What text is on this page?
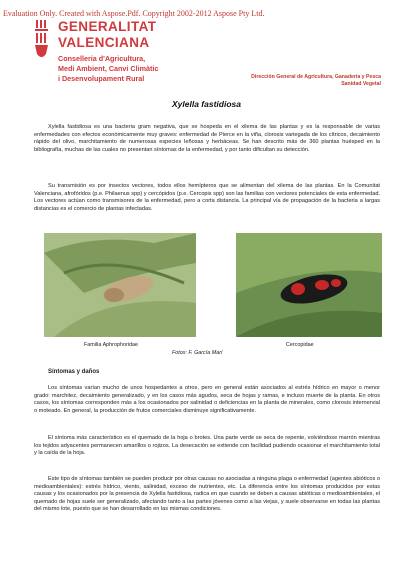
Evaluation Only. Created with Aspose.Pdf. Copyright 2002-2012 Aspose Pty Ltd.
GENERALITAT
VALENCIANA
Conselleria d'Agricultura,
Medi Ambient, Canvi Climàtic
i Desenvolupament Rural	Dirección General de Agricultura, Ganadería y Pesca
Sanidad Vegetal
Xylella fastidiosa
Xylella fastidiosa es una bacteria gram negativa, que se hospeda en el xilema de las plantas y es la responsable de varias enfermedades con efectos económicamente muy graves: enfermedad de Pierce en la viña, clorosis variegada de los cítricos, decaimiento rápido del olivo, marchitamiento de numerosas especies leñosas y herbáceas. Se han descrito más de 360 plantas huésped en la bibliografía, muchas de las cuales no presentan síntomas de la enfermedad, y por tanto dificultan su detección.
Su transmisión es por insectos vectores, todos ellos hemípteros que se alimentan del xilema de las plantas. En la Comunitat Valenciana, afrofóridos (p.e. Philaenus spp) y cercópidos (p.e. Cercopis spp) son las familias con vectores potenciales de esta enfermedad. Los vectores actúan como transmisores de la enfermedad, pero a corta distancia. La principal vía de propagación de la bacteria a largas distancias es el comercio de plantas infectadas.
Familia Aphrophoridae	Cercopidae
Fotos: F. García Marí
Síntomas y daños
Los síntomas varían mucho de unos hospedantes a otros, pero en general están asociados al estrés hídrico en mayor o menor grado: marchitez, decaimiento generalizado, y en los casos más agudos, seca de hojas y ramas, e incluso muerte de la planta. En otros casos, los síntomas corresponden más a los ocasionados por salinidad o deficiencias en la planta de minerales, como clorosis internervial o moteado. En general, la producción de frutos comerciales disminuye significativamente.
El síntoma más característico es el quemado de la hoja o brotes. Una parte verde se seca de repente, volviéndose marrón mientras los tejidos adyacentes permanecen amarillos o rojizos. La desecación se extiende con facilidad pudiendo ocasionar el marchitamiento total y la caída de la hoja.
Este tipo de síntomas también se pueden producir por otras causas no asociadas a ninguna plaga o enfermedad (agentes abióticos o medioambientales): estrés hídrico, viento, salinidad, exceso de nutrientes, etc. La diferencia entre los síntomas producidos por estas causas y los ocasionados por la presencia de Xylella fastidiosa, radica en que cuando se deben a causas abióticas o medioambientales, el quemado de hojas suele ser generalizado, afectando tanto a las partes jóvenes como a las viejas, y suele observarse en todas las plantas del mismo lote, puesto que se han desarrollado en las mismas condiciones.
